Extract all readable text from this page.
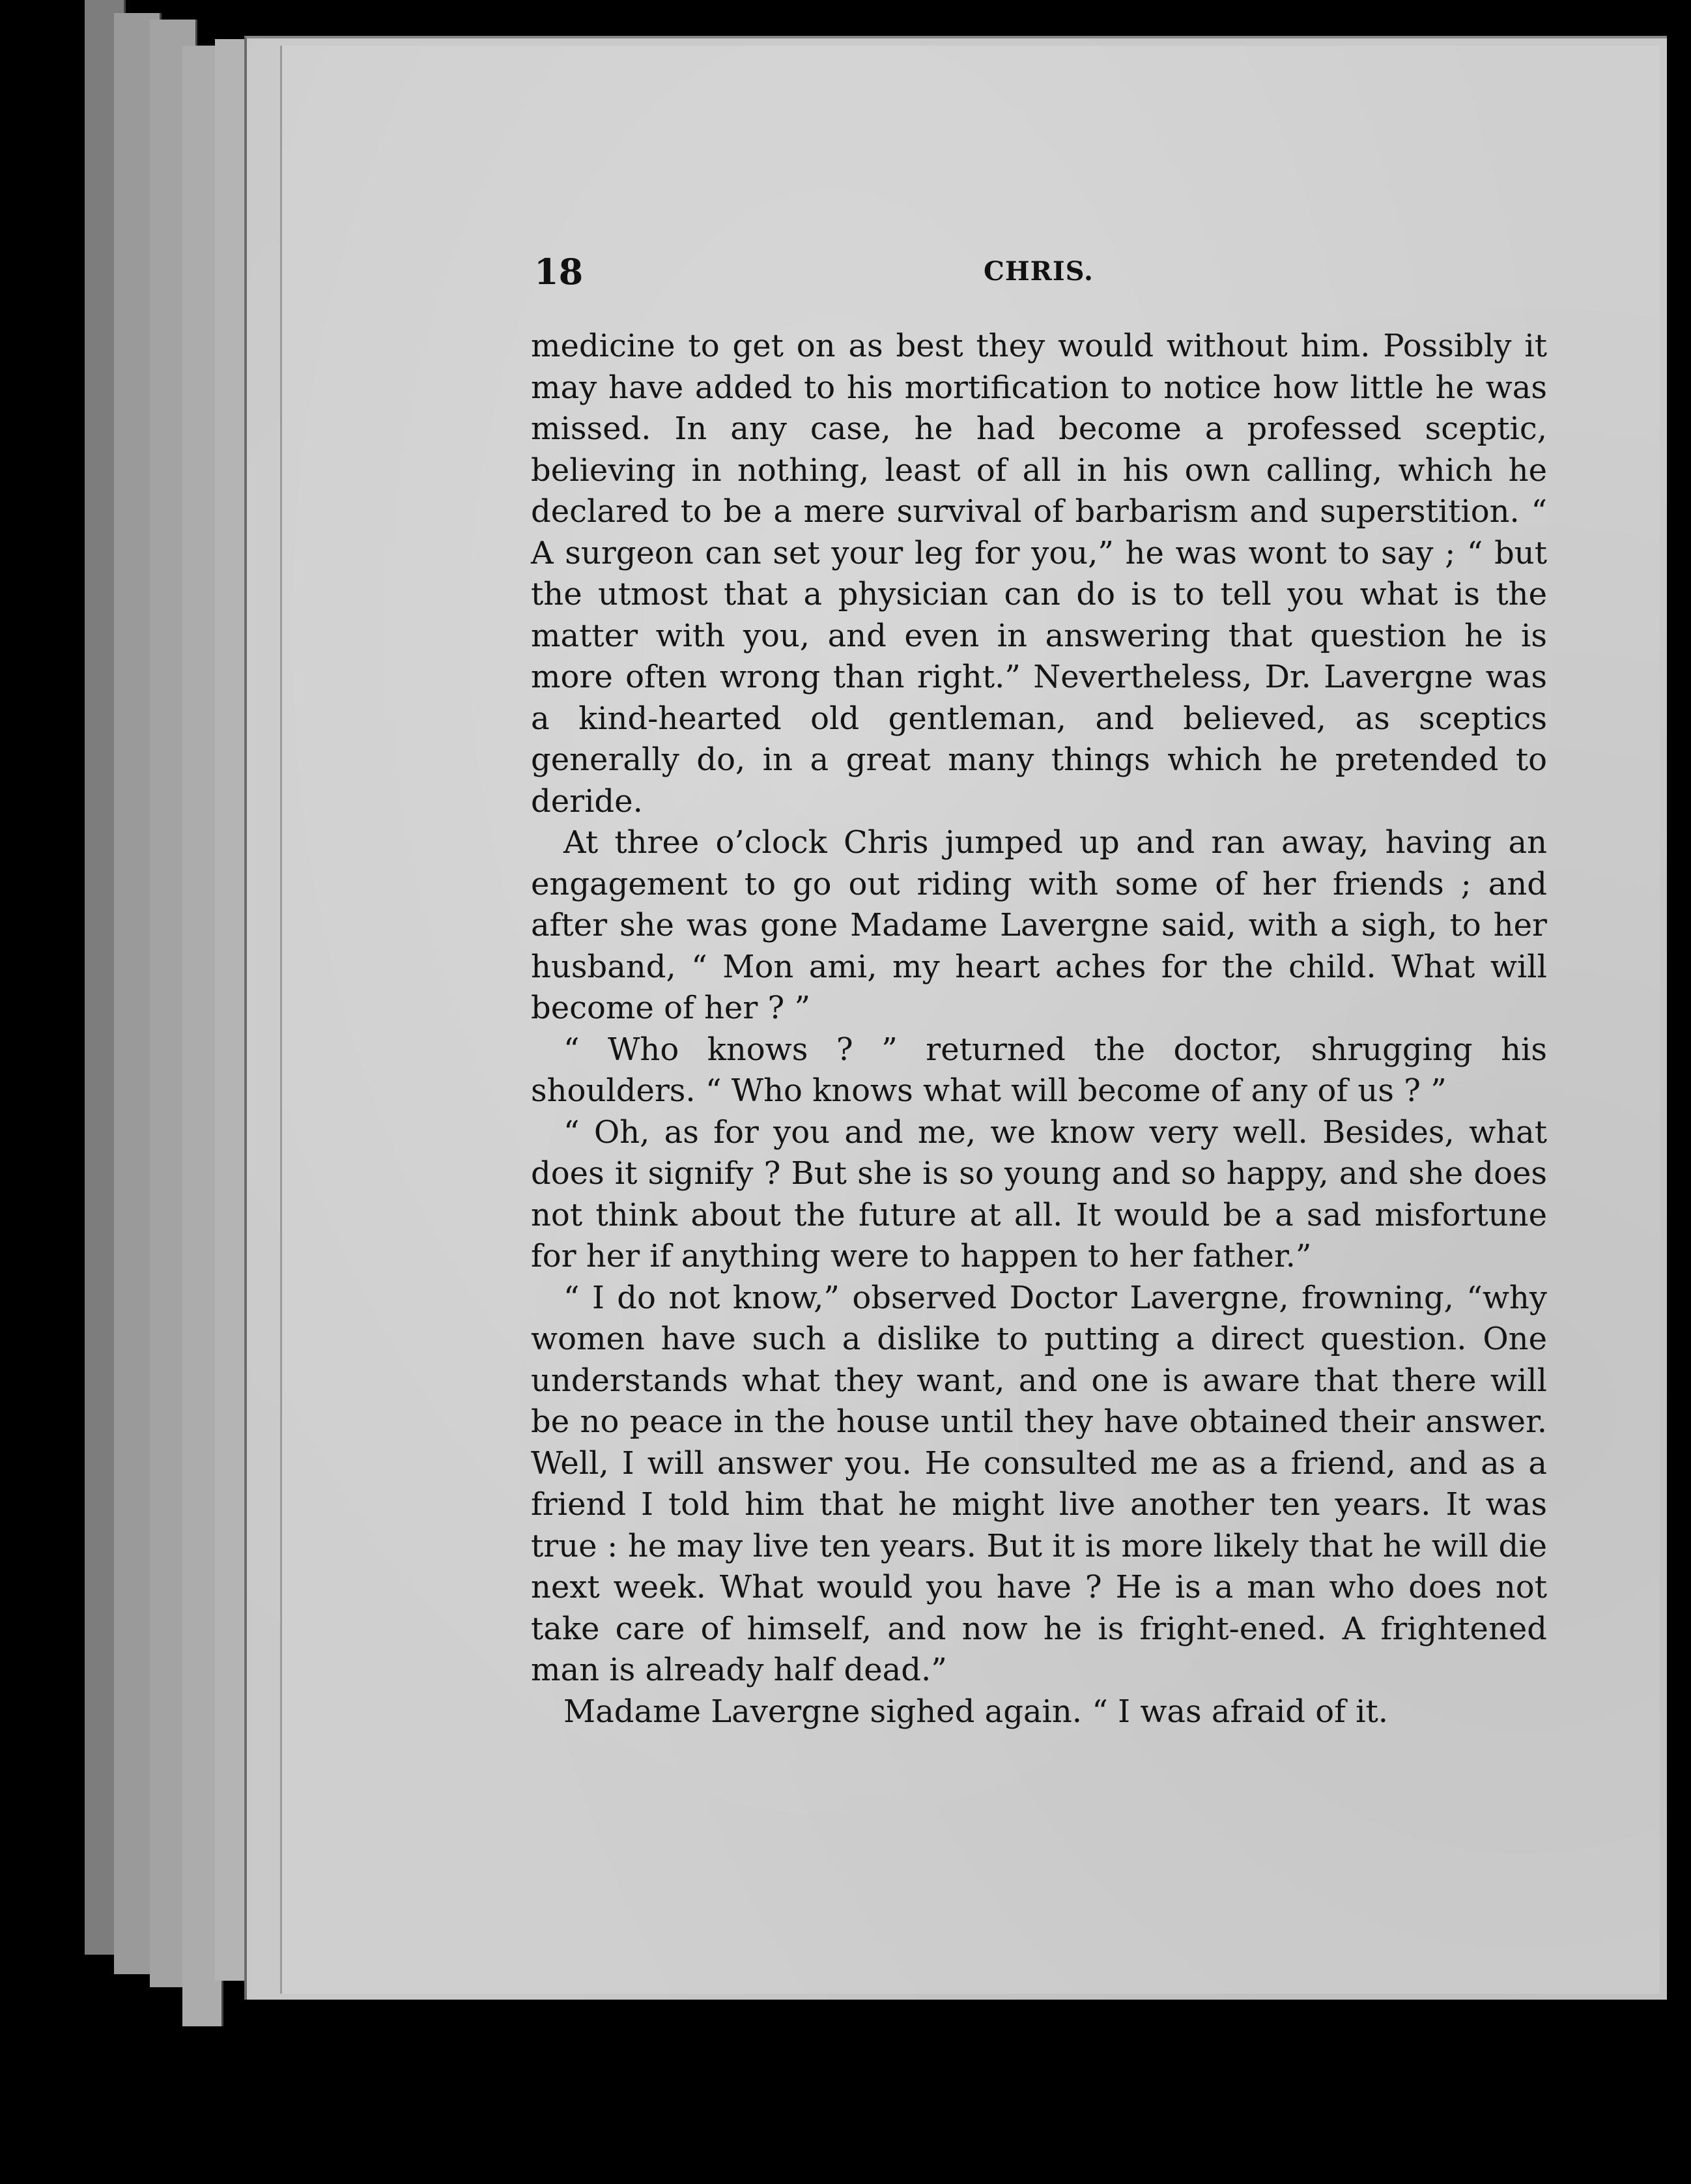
18	CHRIS.

medicine to get on as best they would without him. Possibly it may have added to his mortification to notice how little he was missed. In any case, he had become a professed sceptic, believing in nothing, least of all in his own calling, which he declared to be a mere survival of barbarism and superstition. “ A surgeon can set your leg for you,” he was wont to say ; “ but the utmost that a physician can do is to tell you what is the matter with you, and even in answering that question he is more often wrong than right.” Nevertheless, Dr. Lavergne was a kind-hearted old gentleman, and believed, as sceptics generally do, in a great many things which he pretended to deride.

At three o’clock Chris jumped up and ran away, having an engagement to go out riding with some of her friends ; and after she was gone Madame Lavergne said, with a sigh, to her husband, “ Mon ami, my heart aches for the child. What will become of her ? ”

“ Who knows ? ” returned the doctor, shrugging his shoulders. “ Who knows what will become of any of us ? ”

“ Oh, as for you and me, we know very well. Besides, what does it signify ? But she is so young and so happy, and she does not think about the future at all. It would be a sad misfortune for her if anything were to happen to her father.”

“ I do not know,” observed Doctor Lavergne, frowning, “why women have such a dislike to putting a direct question. One understands what they want, and one is aware that there will be no peace in the house until they have obtained their answer. Well, I will answer you. He consulted me as a friend, and as a friend I told him that he might live another ten years. It was true : he may live ten years. But it is more likely that he will die next week. What would you have ? He is a man who does not take care of himself, and now he is fright-ened. A frightened man is already half dead.”

Madame Lavergne sighed again. “ I was afraid of it.
